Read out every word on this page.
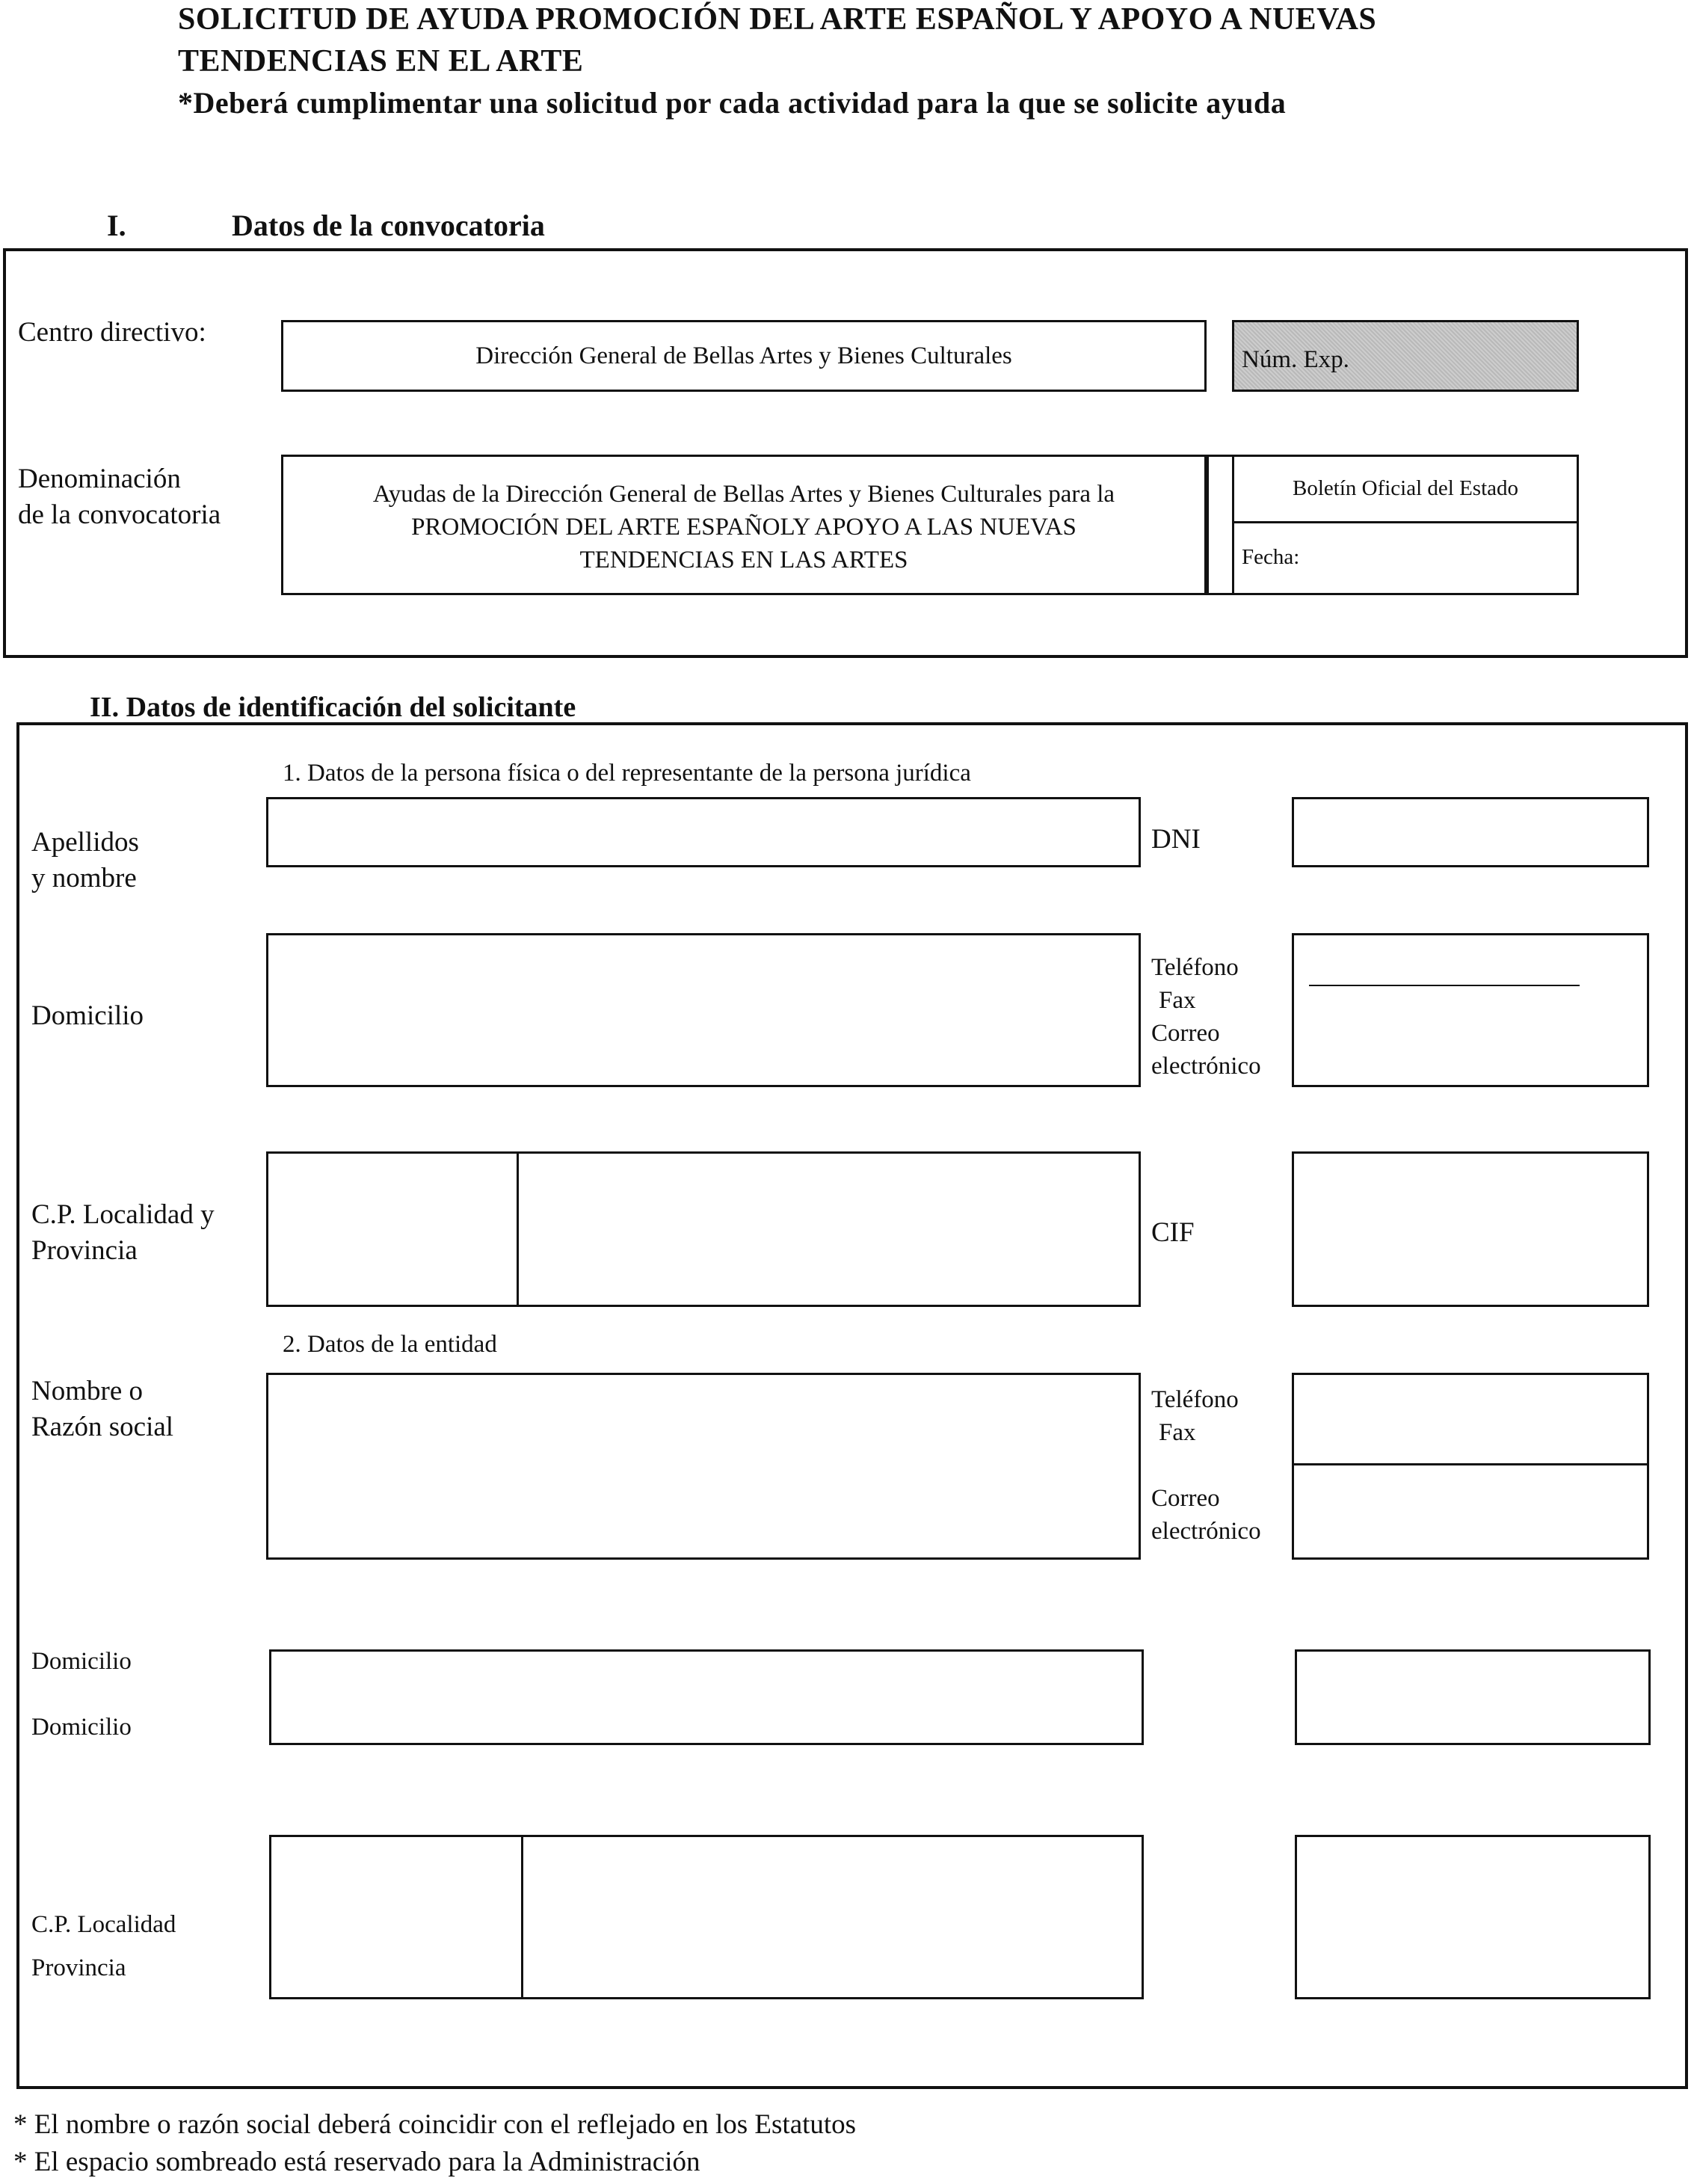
SOLICITUD DE AYUDA PROMOCIÓN DEL ARTE ESPAÑOL Y APOYO A NUEVAS
TENDENCIAS EN EL ARTE
*Deberá cumplimentar una solicitud por cada actividad para la que se solicite ayuda
I.	Datos de la convocatoria
Centro directivo:
Dirección General de Bellas Artes y Bienes Culturales	Núm. Exp.
Denominación
de la convocatoria
Ayudas de la Dirección General de Bellas Artes y Bienes Culturales para la
PROMOCIÓN DEL ARTE ESPAÑOLY APOYO A LAS NUEVAS
TENDENCIAS EN LAS ARTES
Boletín Oficial del Estado
Fecha:
II. Datos de identificación del solicitante
1. Datos de la persona física o del representante de la persona jurídica
Apellidos
y nombre
DNI
Domicilio
Teléfono
Fax
Correo
electrónico
C.P. Localidad y
Provincia
CIF
2. Datos de la entidad
Nombre o
Razón social
Teléfono
Fax
Correo
electrónico
Domicilio
Domicilio
C.P. Localidad
Provincia
* El nombre o razón social deberá coincidir con el reflejado en los Estatutos
* El espacio sombreado está reservado para la Administración
